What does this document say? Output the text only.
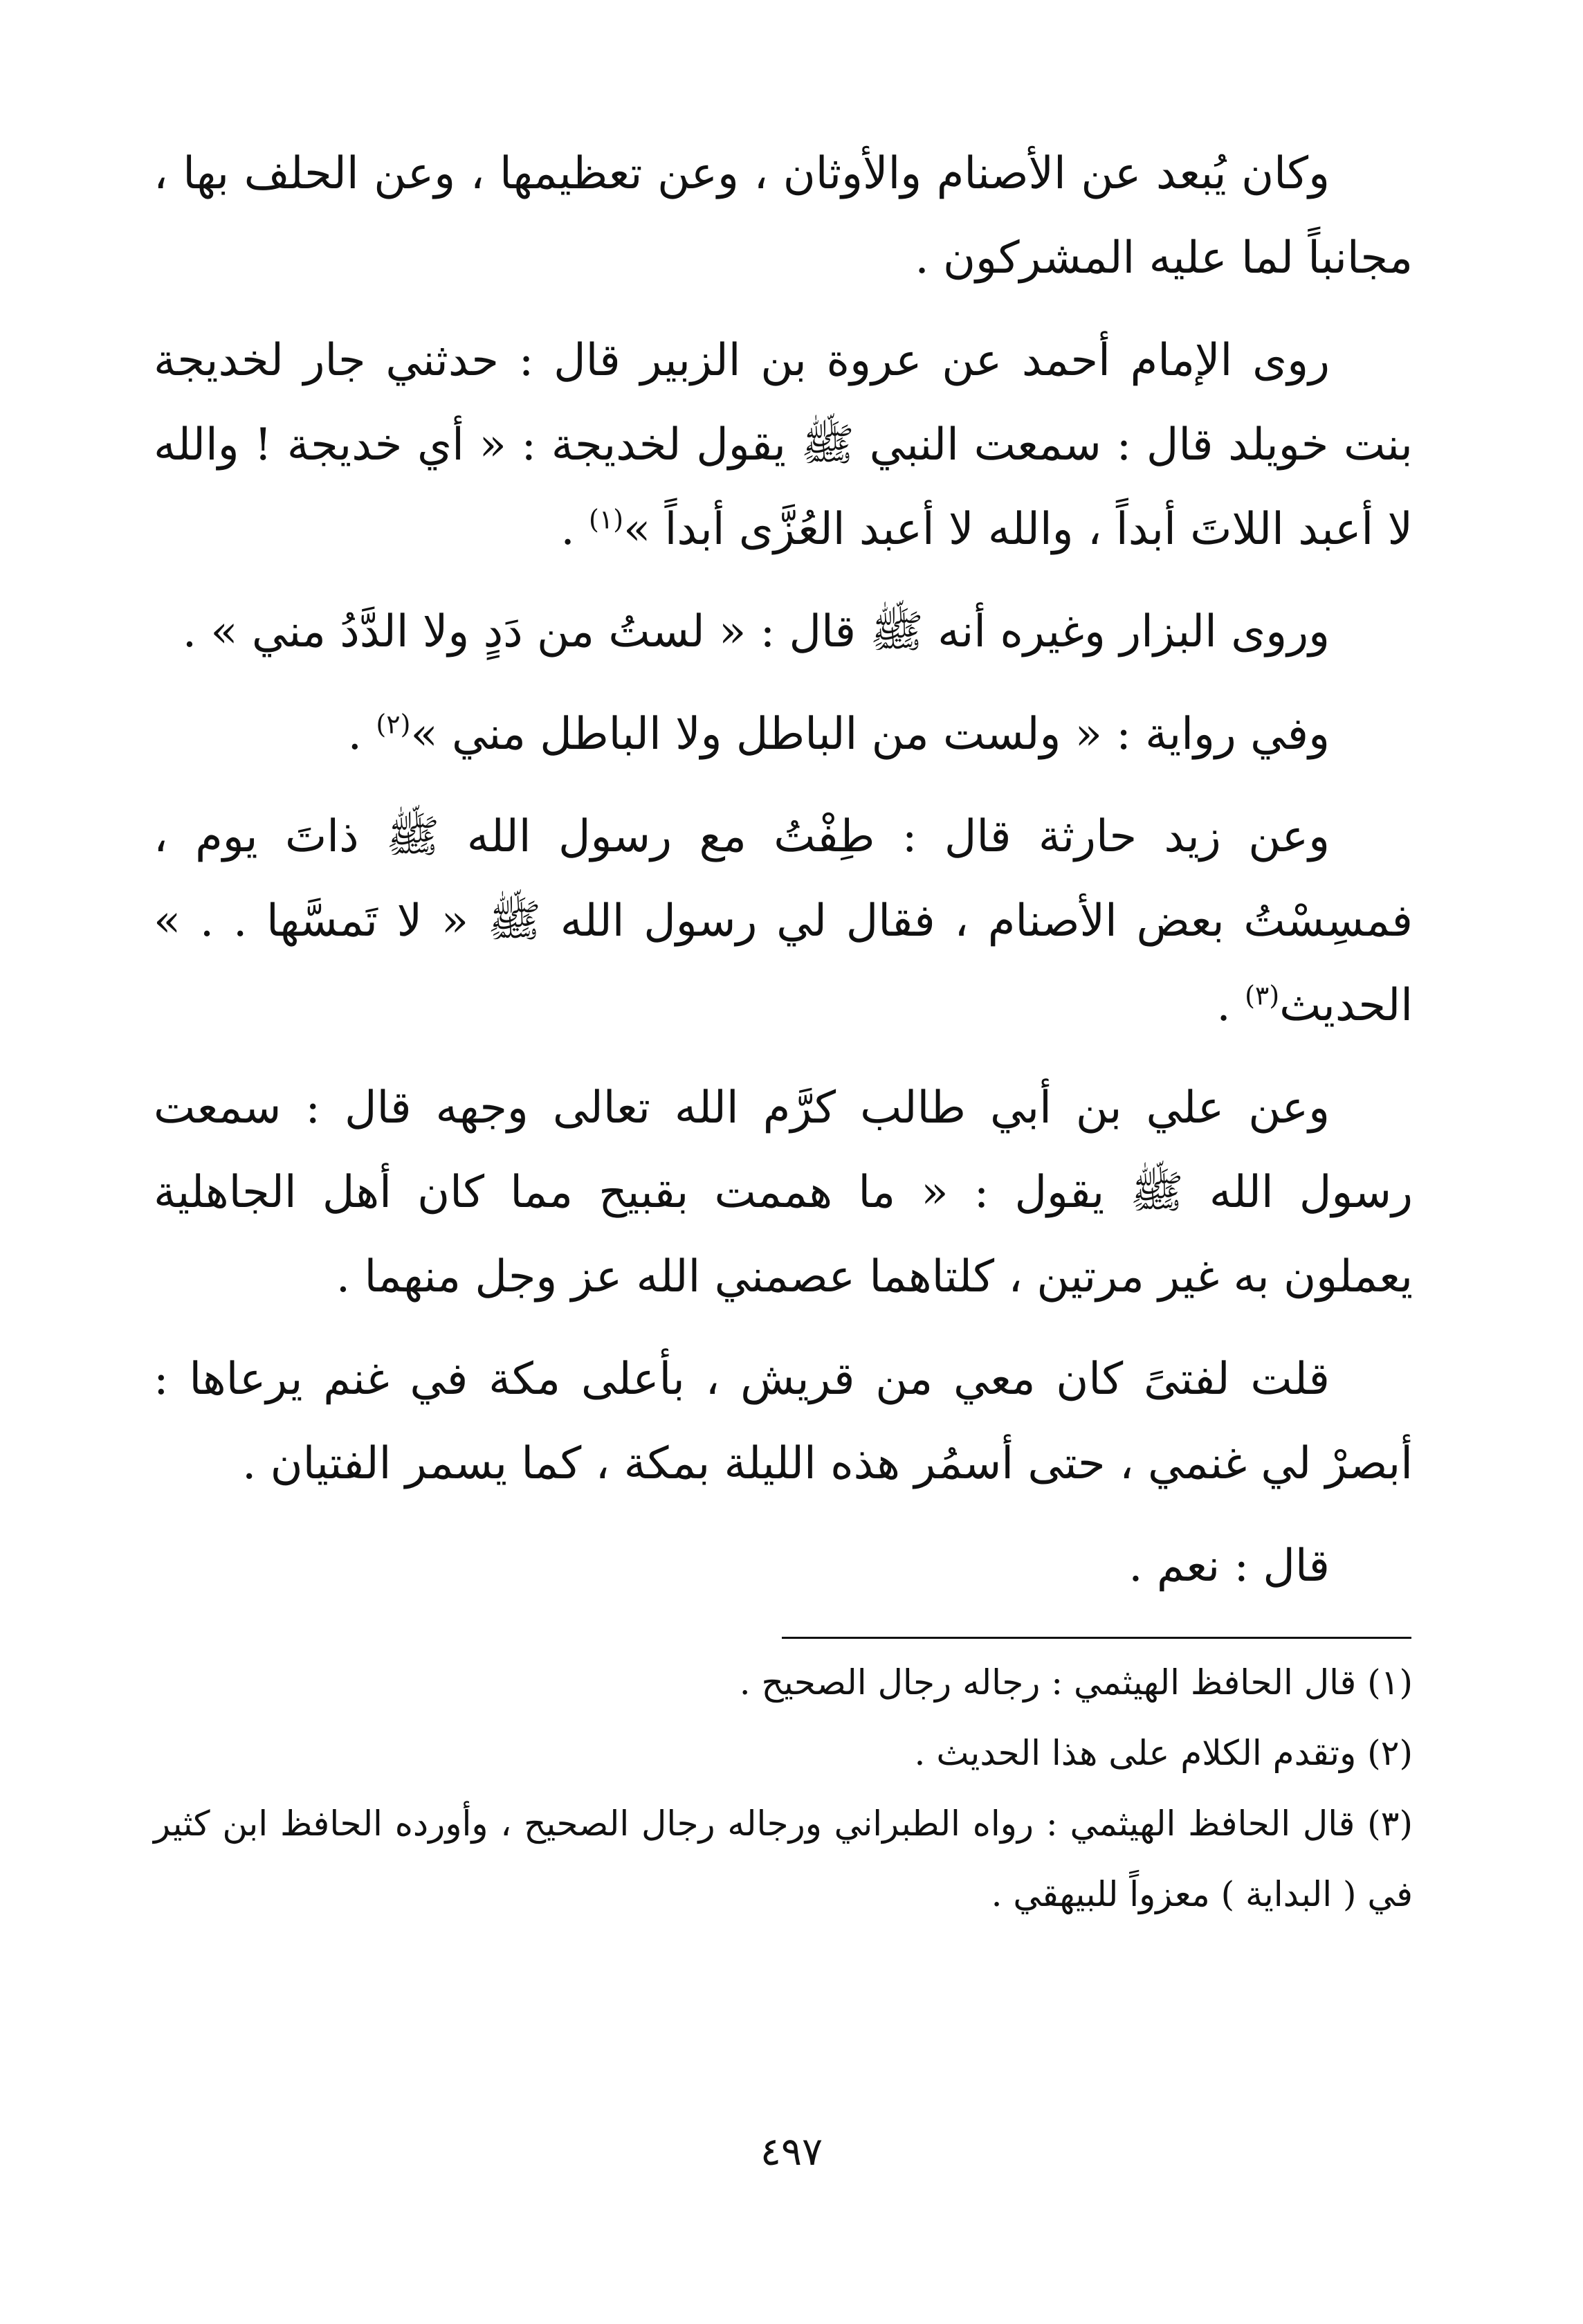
وكان يُبعد عن الأصنام والأوثان ، وعن تعظيمها ، وعن الحلف بها ، مجانباً لما عليه المشركون .

روى الإمام أحمد عن عروة بن الزبير قال : حدثني جار لخديجة بنت خويلد قال : سمعت النبي ﷺ يقول لخديجة : « أي خديجة ! والله لا أعبد اللاتَ أبداً ، والله لا أعبد العُزَّى أبداً »$^{(١)}$ .

وروى البزار وغيره أنه ﷺ قال : « لستُ من دَدٍ ولا الدَّدُ مني » .

وفي رواية : « ولست من الباطل ولا الباطل مني »$^{(٢)}$ .

وعن زيد حارثة قال : طِفْتُ مع رسول الله ﷺ ذاتَ يوم ، فمسِسْتُ بعض الأصنام ، فقال لي رسول الله ﷺ « لا تَمسَّها . . » الحديث$^{(٣)}$ .

وعن علي بن أبي طالب كرَّم الله تعالى وجهه قال : سمعت رسول الله ﷺ يقول : « ما هممت بقبيح مما كان أهل الجاهلية يعملون به غير مرتين ، كلتاهما عصمني الله عز وجل منهما .

قلت لفتىً كان معي من قريش ، بأعلى مكة في غنم يرعاها : أبصرْ لي غنمي ، حتى أسمُر هذه الليلة بمكة ، كما يسمر الفتيان .

قال : نعم .

(١) قال الحافظ الهيثمي : رجاله رجال الصحيح .

(٢) وتقدم الكلام على هذا الحديث .

(٣) قال الحافظ الهيثمي : رواه الطبراني ورجاله رجال الصحيح ، وأورده الحافظ ابن كثير في ( البداية ) معزواً للبيهقي .

٤٩٧
